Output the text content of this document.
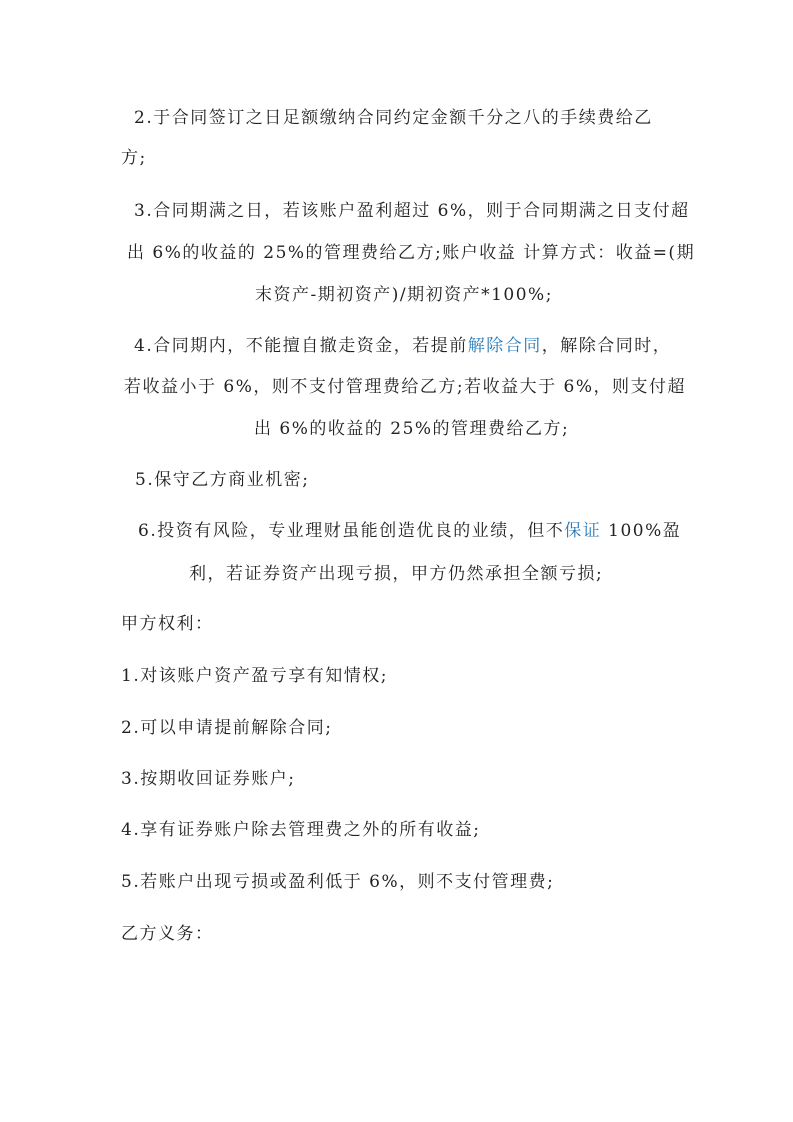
2.于合同签订之日足额缴纳合同约定金额千分之八的手续费给乙
方;
3.合同期满之日，若该账户盈利超过 6%，则于合同期满之日支付超
出 6%的收益的 25%的管理费给乙方;账户收益 计算方式：收益=(期
末资产-期初资产)/期初资产*100%;
4.合同期内，不能擅自撤走资金，若提前解除合同，解除合同时，
若收益小于 6%，则不支付管理费给乙方;若收益大于 6%，则支付超
出 6%的收益的 25%的管理费给乙方;
5.保守乙方商业机密;
6.投资有风险，专业理财虽能创造优良的业绩，但不保证 100%盈
利，若证券资产出现亏损，甲方仍然承担全额亏损;
甲方权利：
1.对该账户资产盈亏享有知情权;
2.可以申请提前解除合同;
3.按期收回证券账户;
4.享有证券账户除去管理费之外的所有收益;
5.若账户出现亏损或盈利低于 6%，则不支付管理费;
乙方义务：
